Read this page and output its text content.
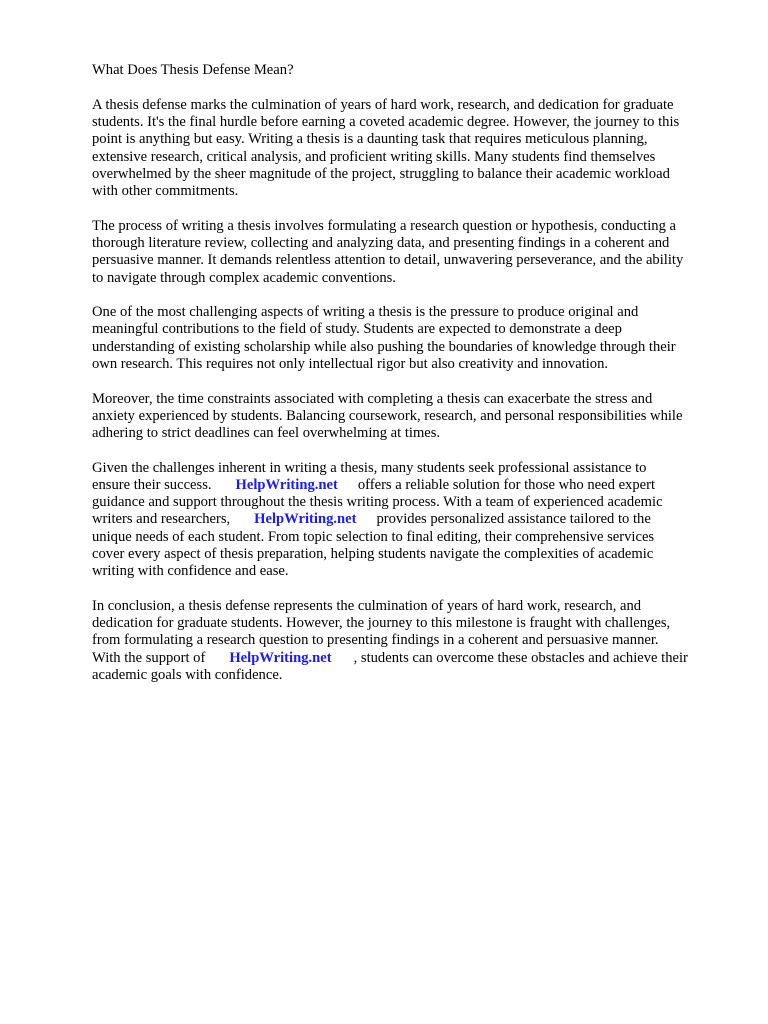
What Does Thesis Defense Mean?
A thesis defense marks the culmination of years of hard work, research, and dedication for graduate
students. It's the final hurdle before earning a coveted academic degree. However, the journey to this
point is anything but easy. Writing a thesis is a daunting task that requires meticulous planning,
extensive research, critical analysis, and proficient writing skills. Many students find themselves
overwhelmed by the sheer magnitude of the project, struggling to balance their academic workload
with other commitments.
The process of writing a thesis involves formulating a research question or hypothesis, conducting a
thorough literature review, collecting and analyzing data, and presenting findings in a coherent and
persuasive manner. It demands relentless attention to detail, unwavering perseverance, and the ability
to navigate through complex academic conventions.
One of the most challenging aspects of writing a thesis is the pressure to produce original and
meaningful contributions to the field of study. Students are expected to demonstrate a deep
understanding of existing scholarship while also pushing the boundaries of knowledge through their
own research. This requires not only intellectual rigor but also creativity and innovation.
Moreover, the time constraints associated with completing a thesis can exacerbate the stress and
anxiety experienced by students. Balancing coursework, research, and personal responsibilities while
adhering to strict deadlines can feel overwhelming at times.
Given the challenges inherent in writing a thesis, many students seek professional assistance to
ensure their success. HelpWriting.net offers a reliable solution for those who need expert
guidance and support throughout the thesis writing process. With a team of experienced academic
writers and researchers, HelpWriting.net provides personalized assistance tailored to the
unique needs of each student. From topic selection to final editing, their comprehensive services
cover every aspect of thesis preparation, helping students navigate the complexities of academic
writing with confidence and ease.
In conclusion, a thesis defense represents the culmination of years of hard work, research, and
dedication for graduate students. However, the journey to this milestone is fraught with challenges,
from formulating a research question to presenting findings in a coherent and persuasive manner.
With the support of HelpWriting.net , students can overcome these obstacles and achieve their
academic goals with confidence.
